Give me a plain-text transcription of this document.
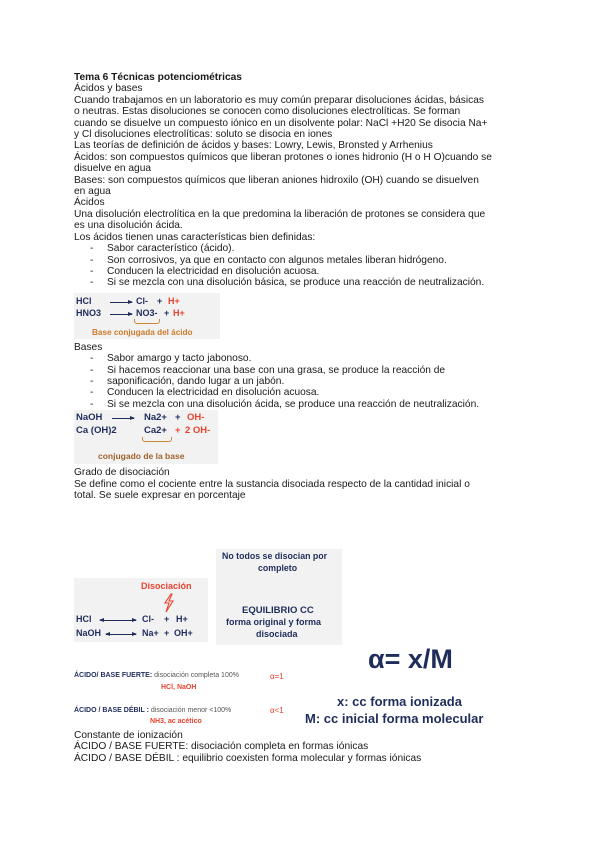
Tema 6 Técnicas potenciométricas

Ácidos y bases

Cuando trabajamos en un laboratorio es muy común preparar disoluciones ácidas, básicas

o neutras. Estas disoluciones se conocen como disoluciones electrolíticas. Se forman

cuando se disuelve un compuesto iónico en un disolvente polar: NaCl +H20 Se disocia Na+

y Cl disoluciones electrolíticas: soluto se disocia en iones

Las teorías de definición de ácidos y bases: Lowry, Lewis, Bronsted y Arrhenius

Ácidos: son compuestos químicos que liberan protones o iones hidronio (H o H O)cuando se

disuelve en agua

Bases: son compuestos químicos que liberan aniones hidroxilo (OH) cuando se disuelven

en agua

Ácidos

Una disolución electrolítica en la que predomina la liberación de protones se considera que

es una disolución ácida.

Los ácidos tienen unas características bien definidas:

- Sabor característico (ácido).
- Son corrosivos, ya que en contacto con algunos metales liberan hidrógeno.
- Conducen la electricidad en disolución acuosa.
- Si se mezcla con una disolución básica, se produce una reacción de neutralización.
HCl
HNO3
Cl-
NO3-
+
+
H+
H+
Base conjugada del ácido

Bases

- Sabor amargo y tacto jabonoso.
- Si hacemos reaccionar una base con una grasa, se produce la reacción de
- saponificación, dando lugar a un jabón.
- Conducen la electricidad en disolución acuosa.
- Si se mezcla con una disolución ácida, se produce una reacción de neutralización.
NaOH
Ca (OH)2
→ Na2+
Ca2+
+
+
OH-
2 OH-
conjugado de la base

Grado de disociación

Se define como el cociente entre la sustancia disociada respecto de la cantidad inicial o

total. Se suele expresar en porcentaje

No todos se disocian por
completo
EQUILIBRIO CC
forma original y forma
disociada
Disociación
HCl
NaOH
Cl-
Na+
+
+
H+
OH+
ÁCIDO/ BASE FUERTE: disociación completa 100%	α=1
HCl, NaOH
ÁCIDO / BASE DÉBIL : disociación menor <100%	α<1
NH3, ac acético
α= x/M
x: cc forma ionizada
M: cc inicial forma molecular

Constante de ionización

ÁCIDO / BASE FUERTE: disociación completa en formas iónicas

ÁCIDO / BASE DÉBIL : equilibrio coexisten forma molecular y formas iónicas
